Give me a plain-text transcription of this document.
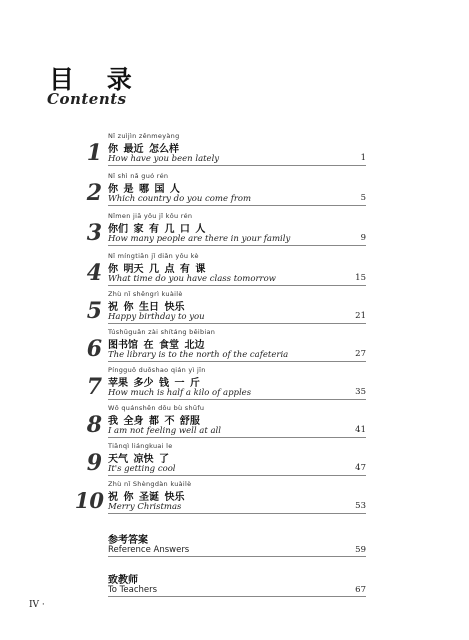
目 录
Contents
1
Nǐ zuìjìn zěnmeyàng
你 最近 怎么样
How have you been lately	1
2
Nǐ shì nǎ guó rén
你 是 哪 国 人
Which country do you come from	5
3
Nǐmen jiā yǒu jǐ kǒu rén
你们 家 有 几 口 人
How many people are there in your family	9
4
Nǐ míngtiān jǐ diǎn yǒu kè
你 明天 几 点 有 课
What time do you have class tomorrow	15
5
Zhù nǐ shēngrì kuàilè
祝 你 生日 快乐
Happy birthday to you	21
6
Túshūguǎn zài shítáng běibian
图书馆 在 食堂 北边
The library is to the north of the cafeteria	27
7
Píngguǒ duōshao qián yì jīn
苹果 多少 钱 一 斤
How much is half a kilo of apples	35
8
Wǒ quánshēn dōu bù shūfu
我 全身 都 不 舒服
I am not feeling well at all	41
9
Tiānqì liángkuai le
天气 凉快 了
It's getting cool	47
10
Zhù nǐ Shèngdàn kuàilè
祝 你 圣诞 快乐
Merry Christmas	53
参考答案
Reference Answers	59
致教师
To Teachers	67
IV ·
